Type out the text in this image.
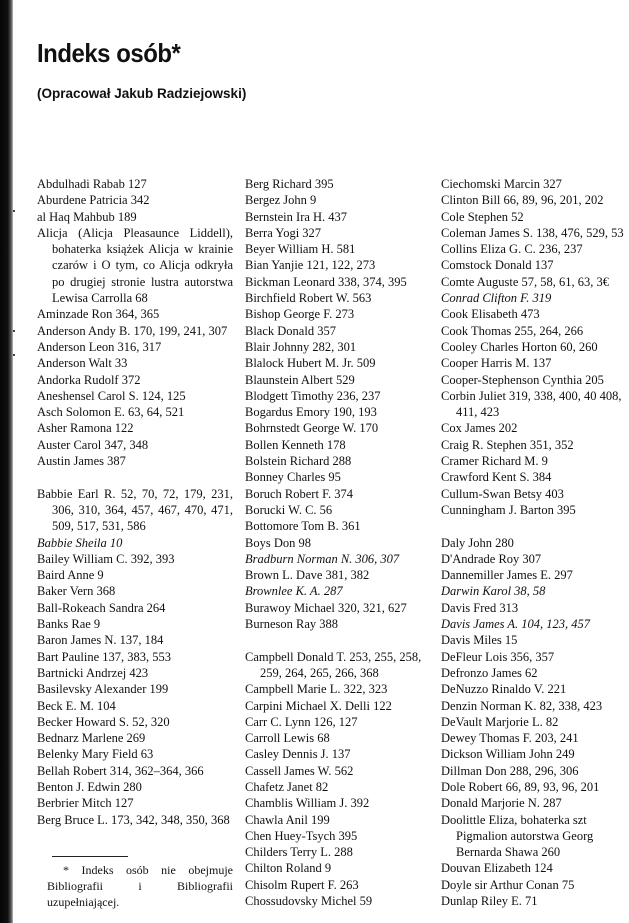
Indeks osób*
(Opracował Jakub Radziejowski)

Abdulhadi Rabab 127

Aburdene Patricia 342

al Haq Mahbub 189

Alicja (Alicja Pleasaunce Liddell), bohaterka książek Alicja w krainie czarów i O tym, co Alicja odkryła po drugiej stronie lustra autorstwa Lewisa Carrolla 68

Aminzade Ron 364, 365

Anderson Andy B. 170, 199, 241, 307

Anderson Leon 316, 317

Anderson Walt 33

Andorka Rudolf 372

Aneshensel Carol S. 124, 125

Asch Solomon E. 63, 64, 521

Asher Ramona 122

Auster Carol 347, 348

Austin James 387

Babbie Earl R. 52, 70, 72, 179, 231, 306, 310, 364, 457, 467, 470, 471, 509, 517, 531, 586

Babbie Sheila 10

Bailey William C. 392, 393

Baird Anne 9

Baker Vern 368

Ball-Rokeach Sandra 264

Banks Rae 9

Baron James N. 137, 184

Bart Pauline 137, 383, 553

Bartnicki Andrzej 423

Basilevsky Alexander 199

Beck E. M. 104

Becker Howard S. 52, 320

Bednarz Marlene 269

Belenky Mary Field 63

Bellah Robert 314, 362–364, 366

Benton J. Edwin 280

Berbrier Mitch 127

Berg Bruce L. 173, 342, 348, 350, 368

Berg Richard 395

Bergez John 9

Bernstein Ira H. 437

Berra Yogi 327

Beyer William H. 581

Bian Yanjie 121, 122, 273

Bickman Leonard 338, 374, 395

Birchfield Robert W. 563

Bishop George F. 273

Black Donald 357

Blair Johnny 282, 301

Blalock Hubert M. Jr. 509

Blaunstein Albert 529

Blodgett Timothy 236, 237

Bogardus Emory 190, 193

Bohrnstedt George W. 170

Bollen Kenneth 178

Bolstein Richard 288

Bonney Charles 95

Boruch Robert F. 374

Borucki W. C. 56

Bottomore Tom B. 361

Boys Don 98

Bradburn Norman N. 306, 307

Brown L. Dave 381, 382

Brownlee K. A. 287

Burawoy Michael 320, 321, 627

Burneson Ray 388

Campbell Donald T. 253, 255, 258, 259, 264, 265, 266, 368

Campbell Marie L. 322, 323

Carpini Michael X. Delli 122

Carr C. Lynn 126, 127

Carroll Lewis 68

Casley Dennis J. 137

Cassell James W. 562

Chafetz Janet 82

Chamblis William J. 392

Chawla Anil 199

Chen Huey-Tsych 395

Childers Terry L. 288

Chilton Roland 9

Chisolm Rupert F. 263

Chossudovsky Michel 59

Ciechomski Marcin 327

Clinton Bill 66, 89, 96, 201, 202

Cole Stephen 52

Coleman James S. 138, 476, 529, 53

Collins Eliza G. C. 236, 237

Comstock Donald 137

Comte Auguste 57, 58, 61, 63, 3€

Conrad Clifton F. 319

Cook Elisabeth 473

Cook Thomas 255, 264, 266

Cooley Charles Horton 60, 260

Cooper Harris M. 137

Cooper-Stephenson Cynthia 205

Corbin Juliet 319, 338, 400, 40 408, 411, 423

Cox James 202

Craig R. Stephen 351, 352

Cramer Richard M. 9

Crawford Kent S. 384

Cullum-Swan Betsy 403

Cunningham J. Barton 395

Daly John 280

D'Andrade Roy 307

Dannemiller James E. 297

Darwin Karol 38, 58

Davis Fred 313

Davis James A. 104, 123, 457

Davis Miles 15

DeFleur Lois 356, 357

Defronzo James 62

DeNuzzo Rinaldo V. 221

Denzin Norman K. 82, 338, 423

DeVault Marjorie L. 82

Dewey Thomas F. 203, 241

Dickson William John 249

Dillman Don 288, 296, 306

Dole Robert 66, 89, 93, 96, 201

Donald Marjorie N. 287

Doolittle Eliza, bohaterka szt Pigmalion autorstwa Georg Bernarda Shawa 260

Douvan Elizabeth 124

Doyle sir Arthur Conan 75

Dunlap Riley E. 71

* Indeks osób nie obejmuje Bibliografii i Bibliografii uzupełniającej.
